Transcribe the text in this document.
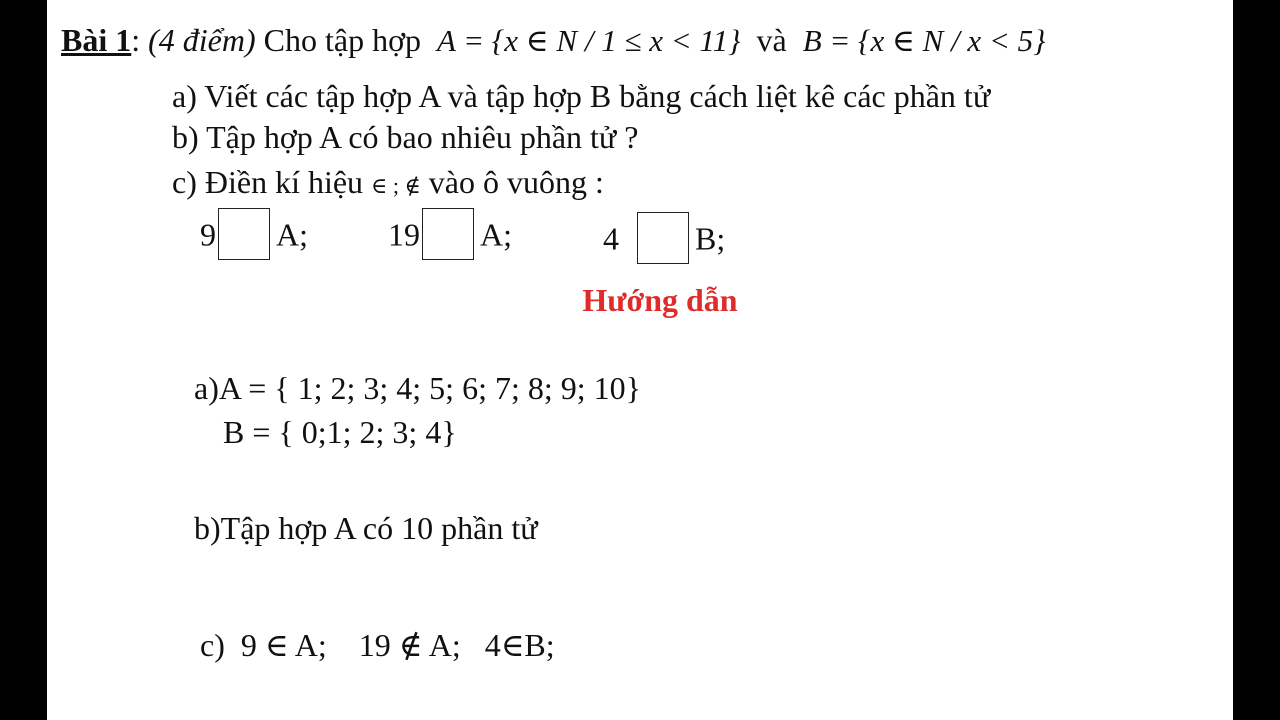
Bài 1: (4 điểm) Cho tập hợp A = {x ∈ N / 1 ≤ x < 11} và B = {x ∈ N / x < 5}
a) Viết các tập hợp A và tập hợp B bằng cách liệt kê các phần tử
b) Tập hợp A có bao nhiêu phần tử ?
c) Điền kí hiệu ∈ ; ∉ vào ô vuông :
9 A;	19 A;	4 B;
Hướng dẫn
a)A = { 1; 2; 3; 4; 5; 6; 7; 8; 9; 10}
B = { 0;1; 2; 3; 4}
b)Tập hợp A có 10 phần tử
c)  9 ∈ A;    19 ∉ A;   4∈B;
